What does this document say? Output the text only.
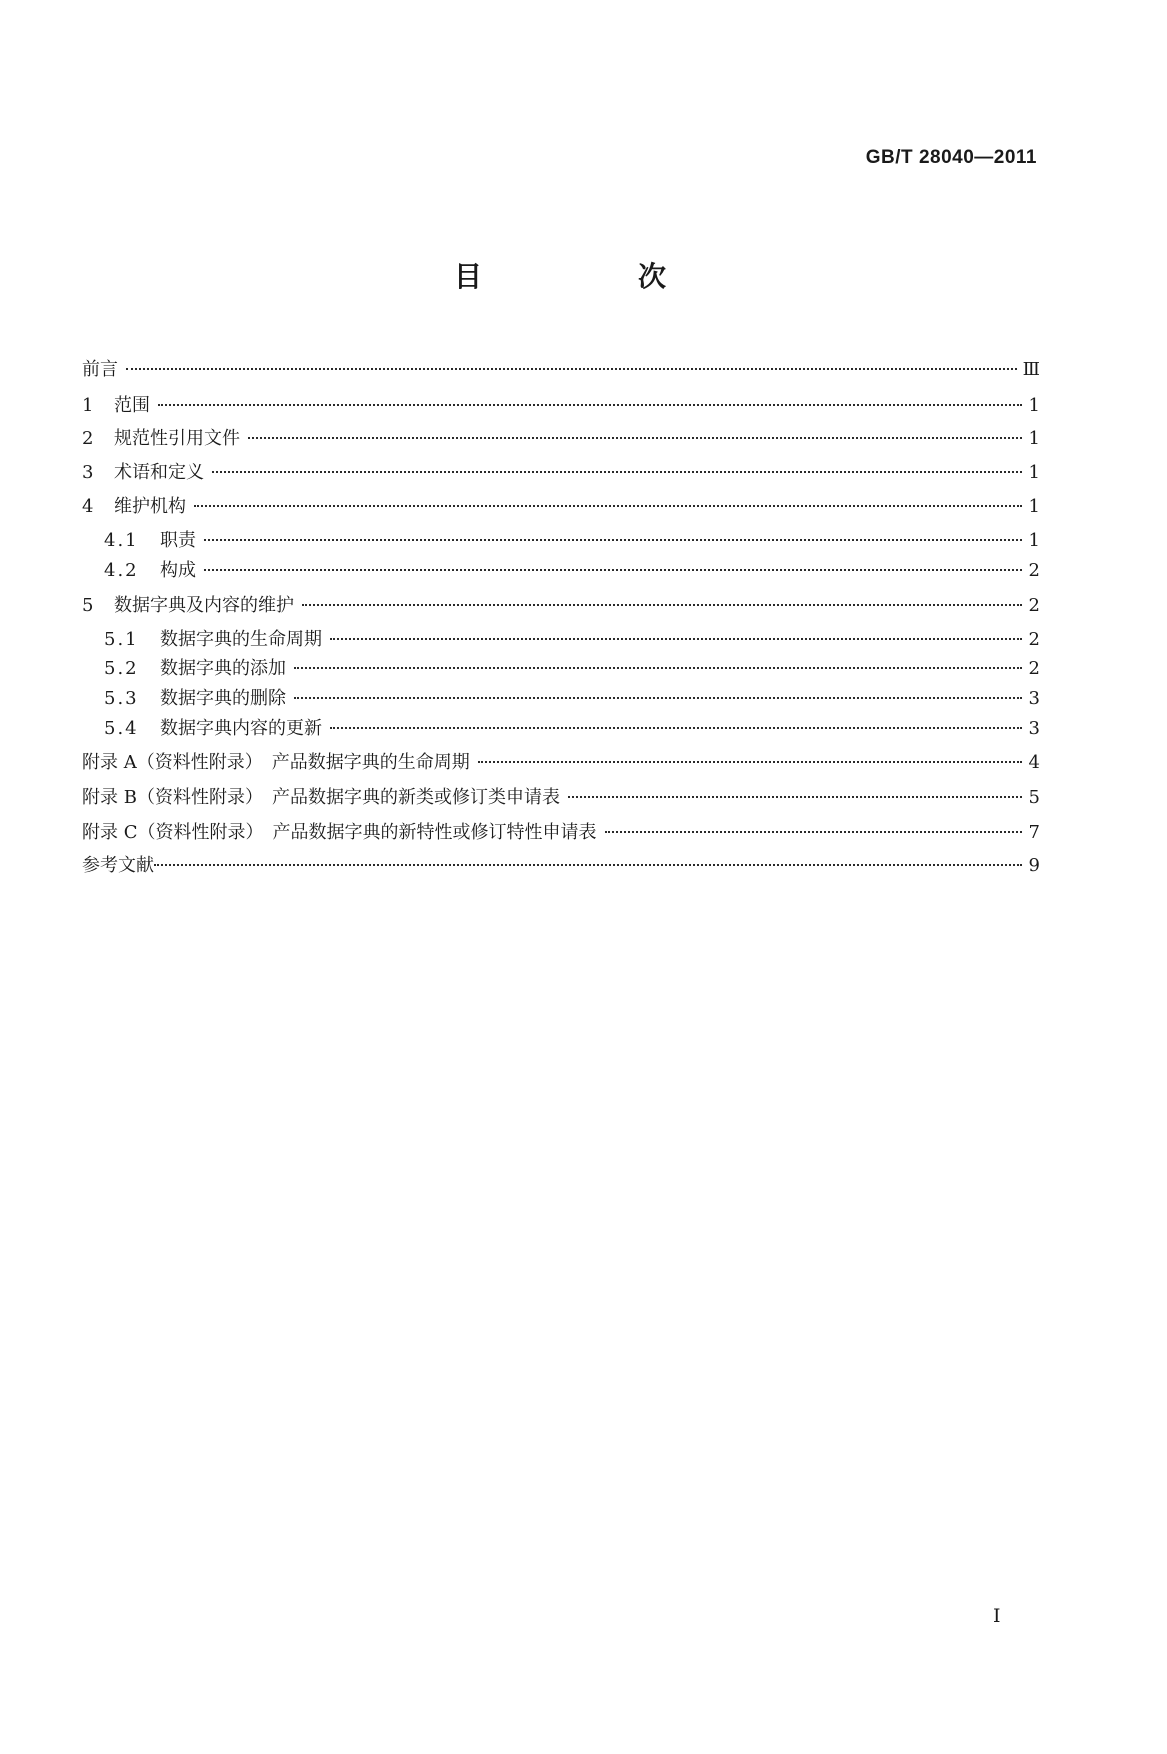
GB/T 28040—2011
目　次
前言	Ⅲ
1	范围	1
2	规范性引用文件	1
3	术语和定义	1
4	维护机构	1
4.1	职责	1
4.2	构成	2
5	数据字典及内容的维护	2
5.1	数据字典的生命周期	2
5.2	数据字典的添加	2
5.3	数据字典的删除	3
5.4	数据字典内容的更新	3
附录 A（资料性附录）　产品数据字典的生命周期	4
附录 B（资料性附录）　产品数据字典的新类或修订类申请表	5
附录 C（资料性附录）　产品数据字典的新特性或修订特性申请表	7
参考文献	9
I
